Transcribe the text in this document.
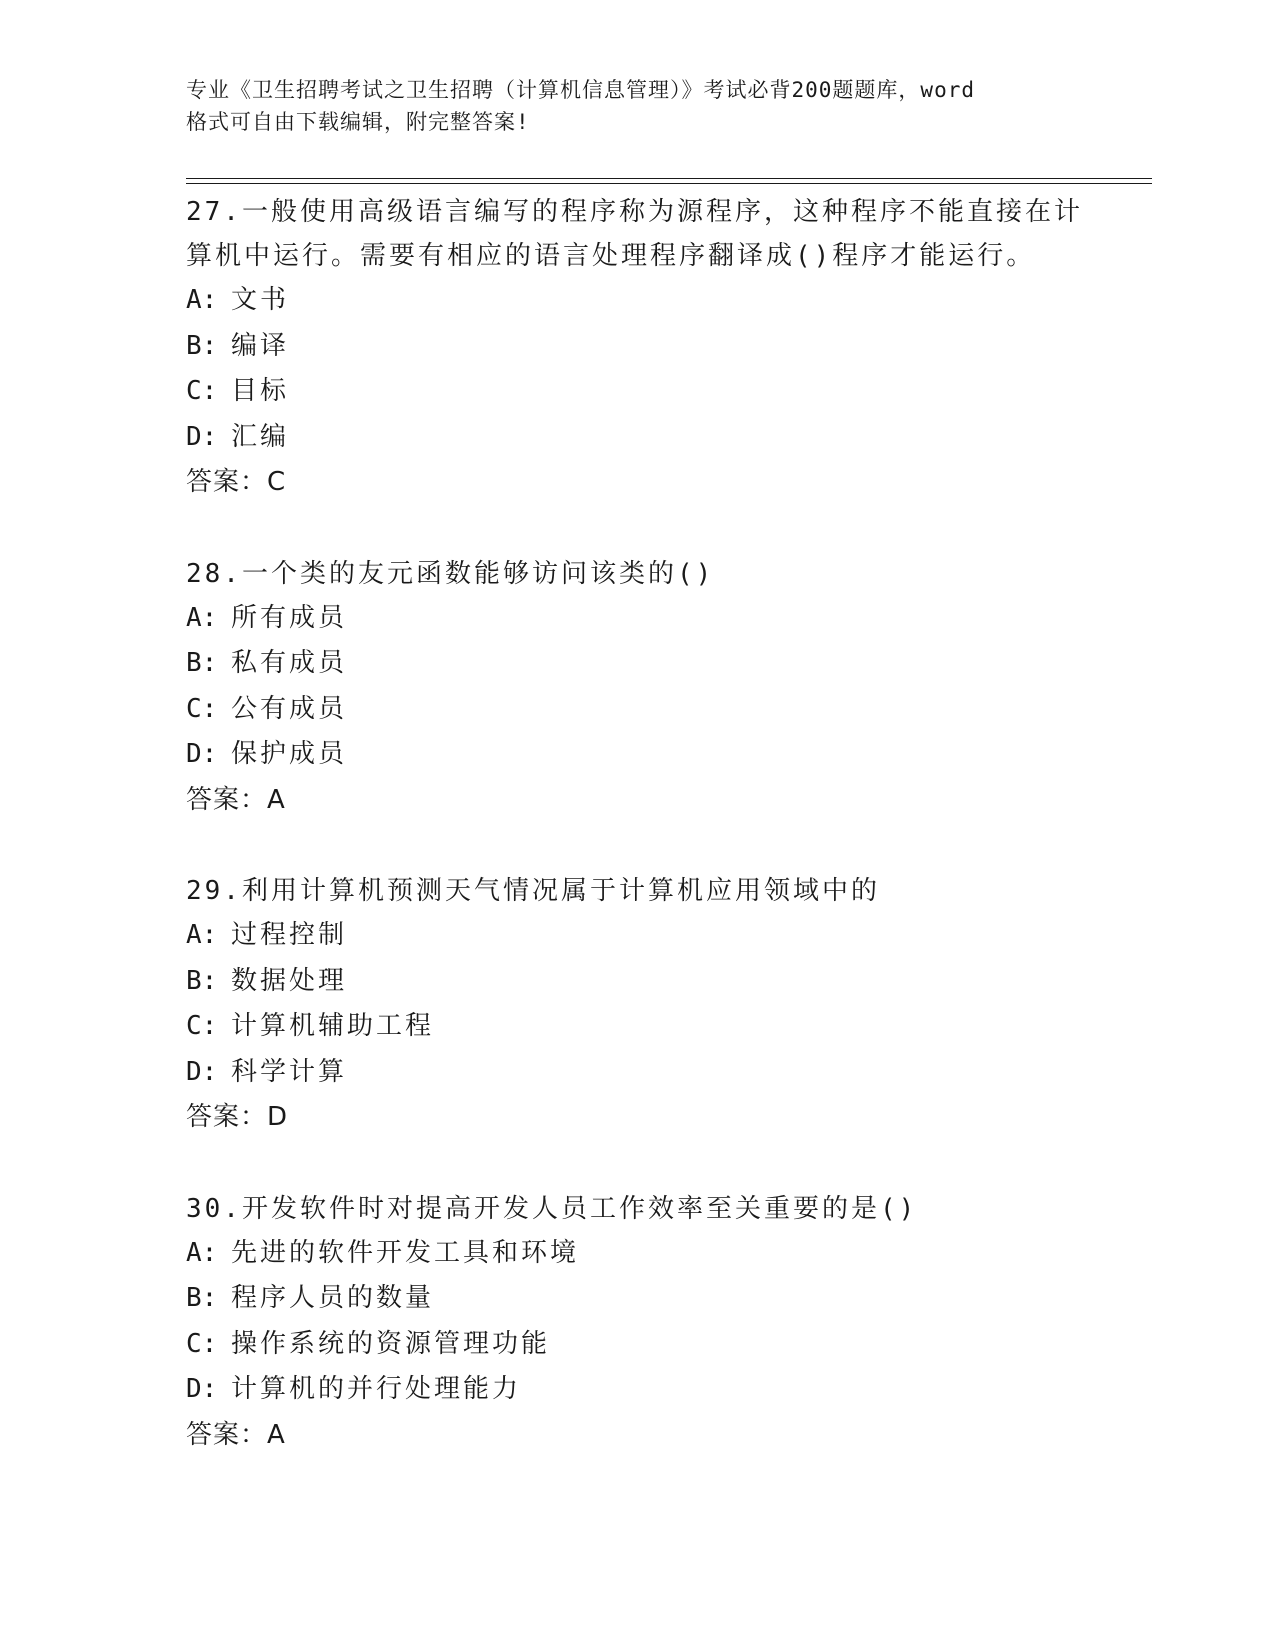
专业《卫生招聘考试之卫生招聘（计算机信息管理）》考试必背200题题库，word
格式可自由下载编辑，附完整答案!

27.一般使用高级语言编写的程序称为源程序，这种程序不能直接在计
算机中运行。需要有相应的语言处理程序翻译成()程序才能运行。

A: 文书

B: 编译

C: 目标

D: 汇编

答案：C

28.一个类的友元函数能够访问该类的()

A: 所有成员

B: 私有成员

C: 公有成员

D: 保护成员

答案：A

29.利用计算机预测天气情况属于计算机应用领域中的

A: 过程控制

B: 数据处理

C: 计算机辅助工程

D: 科学计算

答案：D

30.开发软件时对提高开发人员工作效率至关重要的是()

A: 先进的软件开发工具和环境

B: 程序人员的数量

C: 操作系统的资源管理功能

D: 计算机的并行处理能力

答案：A
